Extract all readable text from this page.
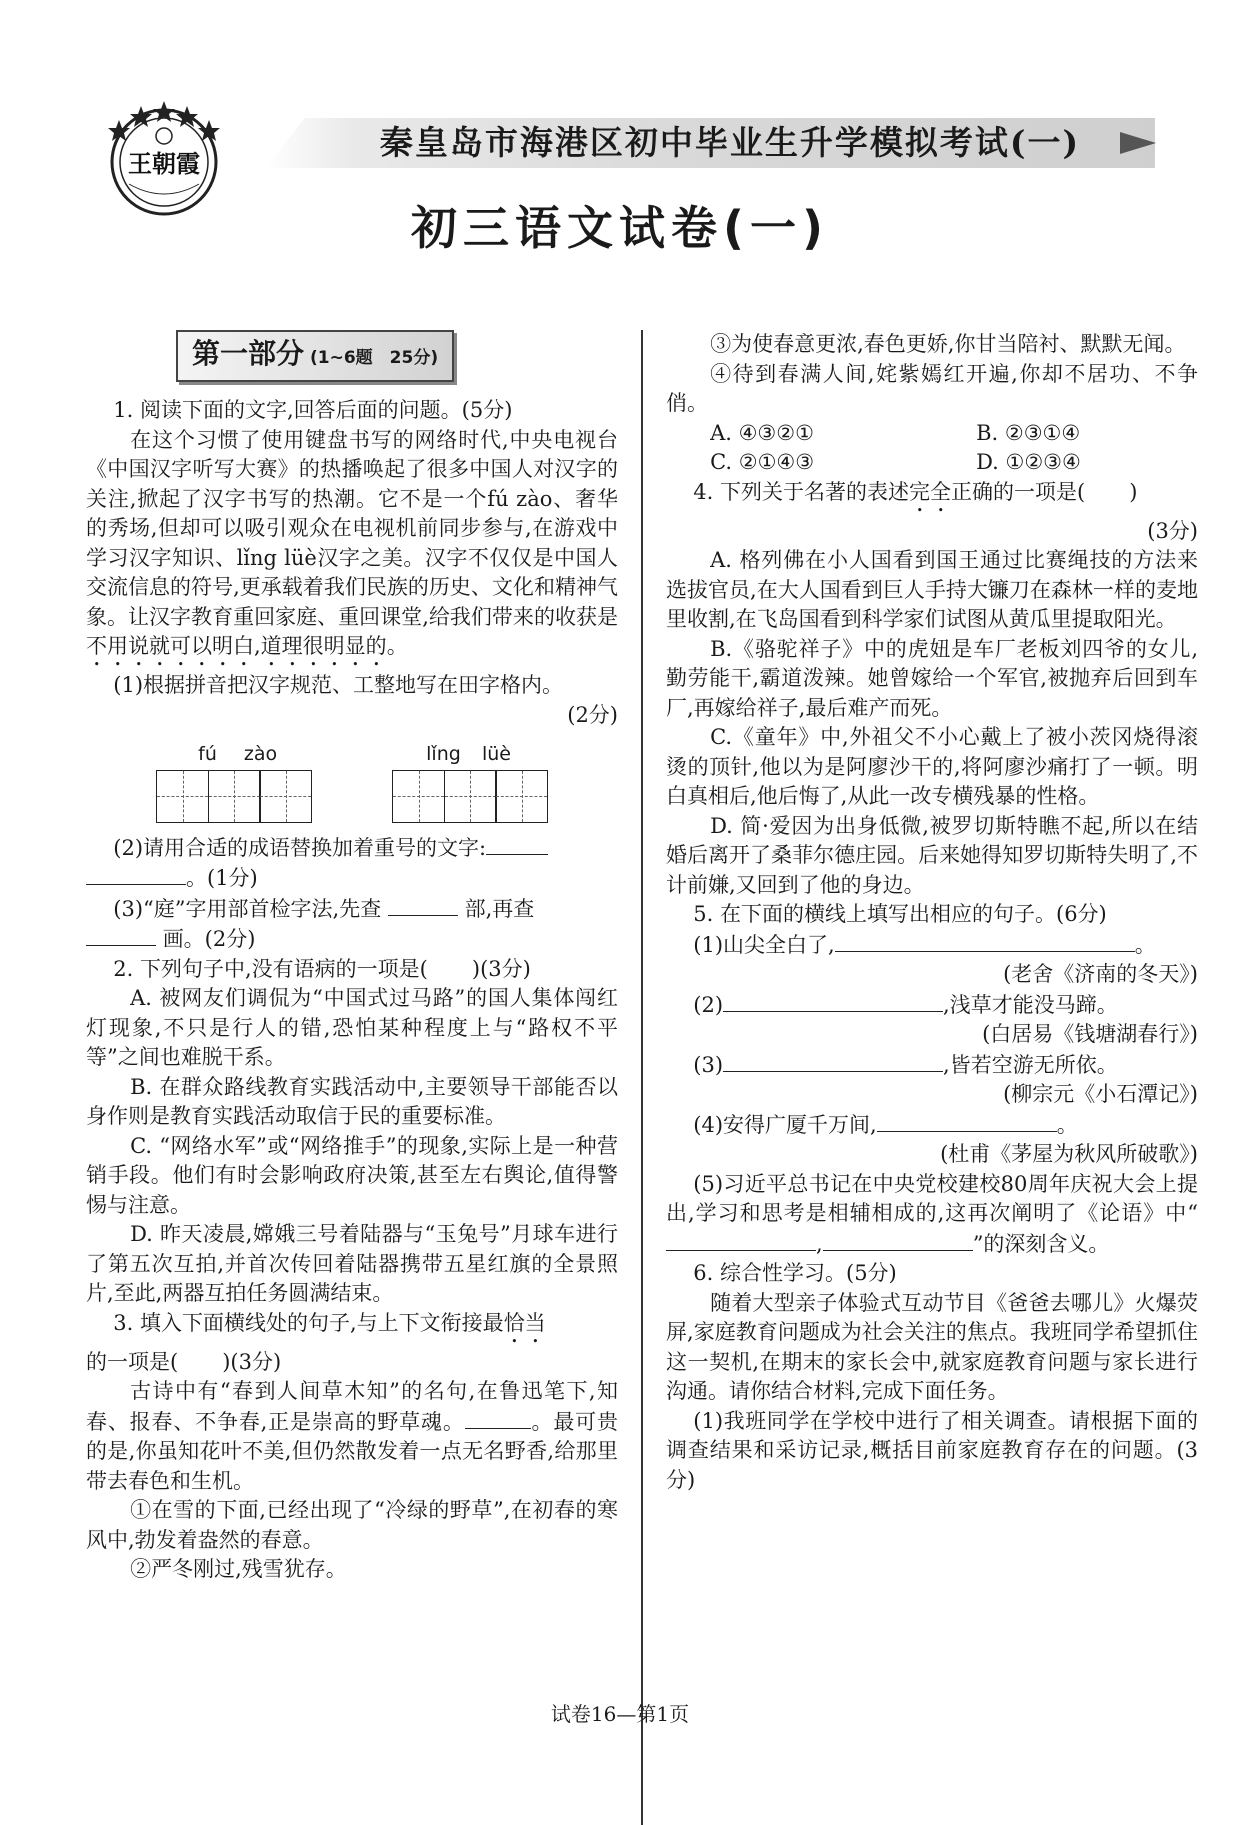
王朝霞
秦皇岛市海港区初中毕业生升学模拟考试(一)
初三语文试卷(一)
第一部分 (1~6题　25分)

1. 阅读下面的文字,回答后面的问题。(5分)

在这个习惯了使用键盘书写的网络时代,中央电视台《中国汉字听写大赛》的热播唤起了很多中国人对汉字的关注,掀起了汉字书写的热潮。它不是一个fú zào、奢华的秀场,但却可以吸引观众在电视机前同步参与,在游戏中学习汉字知识、lǐng lüè汉字之美。汉字不仅仅是中国人交流信息的符号,更承载着我们民族的历史、文化和精神气象。让汉字教育重回家庭、重回课堂,给我们带来的收获是不用说就可以明白,道理很明显的。

(1)根据拼音把汉字规范、工整地写在田字格内。

(2分)

fú	zào	lǐng	lüè

(2)请用合适的成语替换加着重号的文字:

。(1分)

(3)“庭”字用部首检字法,先查	部,再查

画。(2分)

2. 下列句子中,没有语病的一项是( )(3分)

A. 被网友们调侃为“中国式过马路”的国人集体闯红灯现象,不只是行人的错,恐怕某种程度上与“路权不平等”之间也难脱干系。

B. 在群众路线教育实践活动中,主要领导干部能否以身作则是教育实践活动取信于民的重要标准。

C. “网络水军”或“网络推手”的现象,实际上是一种营销手段。他们有时会影响政府决策,甚至左右舆论,值得警惕与注意。

D. 昨天凌晨,嫦娥三号着陆器与“玉兔号”月球车进行了第五次互拍,并首次传回着陆器携带五星红旗的全景照片,至此,两器互拍任务圆满结束。

3. 填入下面横线处的句子,与上下文衔接最恰当

的一项是( )(3分)

古诗中有“春到人间草木知”的名句,在鲁迅笔下,知春、报春、不争春,正是崇高的野草魂。	。最可贵的是,你虽知花叶不美,但仍然散发着一点无名野香,给那里带去春色和生机。

①在雪的下面,已经出现了“冷绿的野草”,在初春的寒风中,勃发着盎然的春意。

②严冬刚过,残雪犹存。

③为使春意更浓,春色更娇,你甘当陪衬、默默无闻。

④待到春满人间,姹紫嫣红开遍,你却不居功、不争俏。

A. ④③②①	B. ②③①④
C. ②①④③	D. ①②③④

4. 下列关于名著的表述完全正确的一项是( )

(3分)

A. 格列佛在小人国看到国王通过比赛绳技的方法来选拔官员,在大人国看到巨人手持大镰刀在森林一样的麦地里收割,在飞岛国看到科学家们试图从黄瓜里提取阳光。

B.《骆驼祥子》中的虎妞是车厂老板刘四爷的女儿,勤劳能干,霸道泼辣。她曾嫁给一个军官,被抛弃后回到车厂,再嫁给祥子,最后难产而死。

C.《童年》中,外祖父不小心戴上了被小茨冈烧得滚烫的顶针,他以为是阿廖沙干的,将阿廖沙痛打了一顿。明白真相后,他后悔了,从此一改专横残暴的性格。

D. 简·爱因为出身低微,被罗切斯特瞧不起,所以在结婚后离开了桑菲尔德庄园。后来她得知罗切斯特失明了,不计前嫌,又回到了他的身边。

5. 在下面的横线上填写出相应的句子。(6分)

(1)山尖全白了,	。

(老舍《济南的冬天》)

(2)	,浅草才能没马蹄。

(白居易《钱塘湖春行》)

(3)	,皆若空游无所依。

(柳宗元《小石潭记》)

(4)安得广厦千万间,	。

(杜甫《茅屋为秋风所破歌》)

(5)习近平总书记在中央党校建校80周年庆祝大会上提出,学习和思考是相辅相成的,这再次阐明了《论语》中“,	”的深刻含义。

6. 综合性学习。(5分)

随着大型亲子体验式互动节目《爸爸去哪儿》火爆荧屏,家庭教育问题成为社会关注的焦点。我班同学希望抓住这一契机,在期末的家长会中,就家庭教育问题与家长进行沟通。请你结合材料,完成下面任务。

(1)我班同学在学校中进行了相关调查。请根据下面的调查结果和采访记录,概括目前家庭教育存在的问题。(3分)

试卷16—第1页
